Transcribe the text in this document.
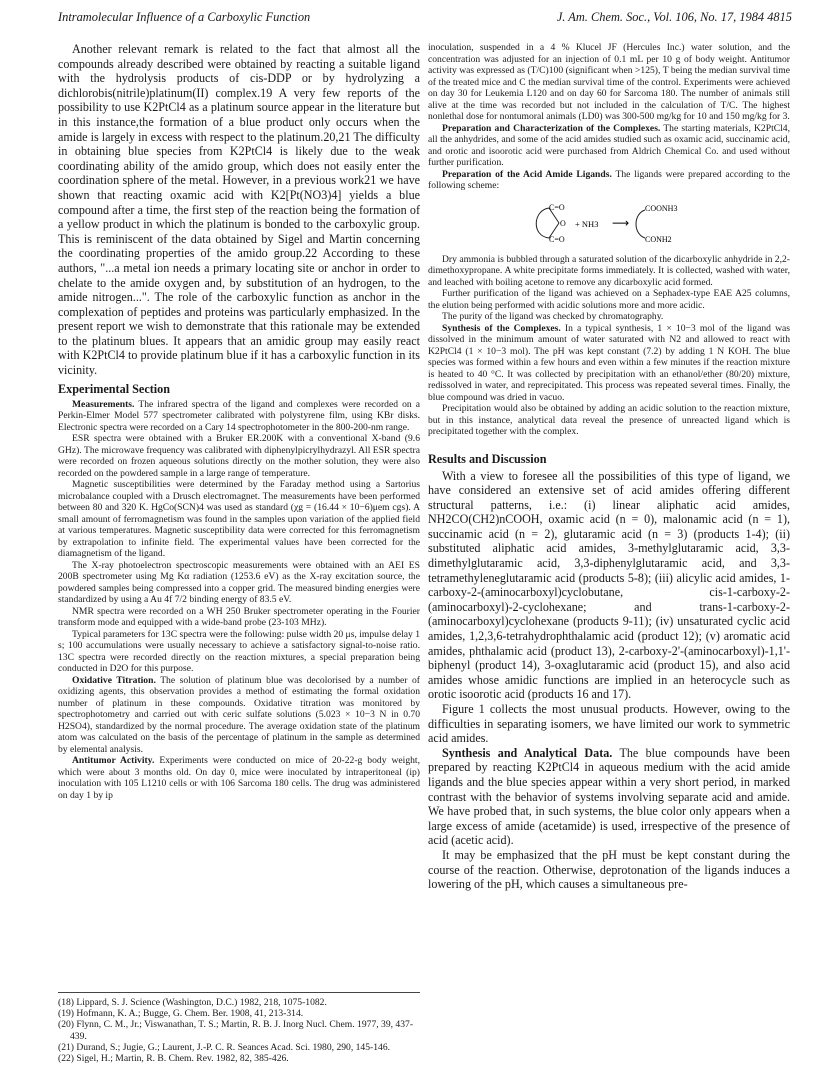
Intramolecular Influence of a Carboxylic Function	J. Am. Chem. Soc., Vol. 106, No. 17, 1984 4815

Another relevant remark is related to the fact that almost all the compounds already described were obtained by reacting a suitable ligand with the hydrolysis products of cis-DDP or by hydrolyzing a dichlorobis(nitrile)platinum(II) complex.19 A very few reports of the possibility to use K2PtCl4 as a platinum source appear in the literature but in this instance,the formation of a blue product only occurs when the amide is largely in excess with respect to the platinum.20,21 The difficulty in obtaining blue species from K2PtCl4 is likely due to the weak coordinating ability of the amido group, which does not easily enter the coordination sphere of the metal. However, in a previous work21 we have shown that reacting oxamic acid with K2[Pt(NO3)4] yields a blue compound after a time, the first step of the reaction being the formation of a yellow product in which the platinum is bonded to the carboxylic group. This is reminiscent of the data obtained by Sigel and Martin concerning the coordinating properties of the amido group.22 According to these authors, "...a metal ion needs a primary locating site or anchor in order to chelate to the amide oxygen and, by substitution of an hydrogen, to the amide nitrogen...". The role of the carboxylic function as anchor in the complexation of peptides and proteins was particularly emphasized. In the present report we wish to demonstrate that this rationale may be extended to the platinum blues. It appears that an amidic group may easily react with K2PtCl4 to provide platinum blue if it has a carboxylic function in its vicinity.

Experimental Section

Measurements. The infrared spectra of the ligand and complexes were recorded on a Perkin-Elmer Model 577 spectrometer calibrated with polystyrene film, using KBr disks. Electronic spectra were recorded on a Cary 14 spectrophotometer in the 800-200-nm range.

ESR spectra were obtained with a Bruker ER.200K with a conventional X-band (9.6 GHz). The microwave frequency was calibrated with diphenylpicrylhydrazyl. All ESR spectra were recorded on frozen aqueous solutions directly on the mother solution, they were also recorded on the powdered sample in a large range of temperature.

Magnetic susceptibilities were determined by the Faraday method using a Sartorius microbalance coupled with a Drusch electromagnet. The measurements have been performed between 80 and 320 K. HgCo(SCN)4 was used as standard (χg = (16.44 × 10−6)μem cgs). A small amount of ferromagnetism was found in the samples upon variation of the applied field at various temperatures. Magnetic susceptibility data were corrected for this ferromagnetism by extrapolation to infinite field. The experimental values have been corrected for the diamagnetism of the ligand.

The X-ray photoelectron spectroscopic measurements were obtained with an AEI ES 200B spectrometer using Mg Kα radiation (1253.6 eV) as the X-ray excitation source, the powdered samples being compressed into a copper grid. The measured binding energies were standardized by using a Au 4f 7/2 binding energy of 83.5 eV.

NMR spectra were recorded on a WH 250 Bruker spectrometer operating in the Fourier transform mode and equipped with a wide-band probe (23-103 MHz).

Typical parameters for 13C spectra were the following: pulse width 20 μs, impulse delay 1 s; 100 accumulations were usually necessary to achieve a satisfactory signal-to-noise ratio. 13C spectra were recorded directly on the reaction mixtures, a special preparation being conducted in D2O for this purpose.

Oxidative Titration. The solution of platinum blue was decolorised by a number of oxidizing agents, this observation provides a method of estimating the formal oxidation number of platinum in these compounds. Oxidative titration was monitored by spectrophotometry and carried out with ceric sulfate solutions (5.023 × 10−3 N in 0.70 H2SO4), standardized by the normal procedure. The average oxidation state of the platinum atom was calculated on the basis of the percentage of platinum in the sample as determined by elemental analysis.

Antitumor Activity. Experiments were conducted on mice of 20-22-g body weight, which were about 3 months old. On day 0, mice were inoculated by intraperitoneal (ip) inoculation with 105 L1210 cells or with 106 Sarcoma 180 cells. The drug was administered on day 1 by ip

(18) Lippard, S. J. Science (Washington, D.C.) 1982, 218, 1075-1082.
(19) Hofmann, K. A.; Bugge, G. Chem. Ber. 1908, 41, 213-314.
(20) Flynn, C. M., Jr.; Viswanathan, T. S.; Martin, R. B. J. Inorg Nucl. Chem. 1977, 39, 437-439.
(21) Durand, S.; Jugie, G.; Laurent, J.-P. C. R. Seances Acad. Sci. 1980, 290, 145-146.
(22) Sigel, H.; Martin, R. B. Chem. Rev. 1982, 82, 385-426.

inoculation, suspended in a 4 % Klucel JF (Hercules Inc.) water solution, and the concentration was adjusted for an injection of 0.1 mL per 10 g of body weight. Antitumor activity was expressed as (T/C)100 (significant when >125), T being the median survival time of the treated mice and C the median survival time of the control. Experiments were achieved on day 30 for Leukemia L120 and on day 60 for Sarcoma 180. The number of animals still alive at the time was recorded but not included in the calculation of T/C. The highest nonlethal dose for nontumoral animals (LD0) was 300-500 mg/kg for 10 and 150 mg/kg for 3.

Preparation and Characterization of the Complexes. The starting materials, K2PtCl4, all the anhydrides, and some of the acid amides studied such as oxamic acid, succinamic acid, and orotic and isoorotic acid were purchased from Aldrich Chemical Co. and used without further purification.

Preparation of the Acid Amide Ligands. The ligands were prepared according to the following scheme:

C=O
O
C=O
+ NH3 ⟶
COONH3
CONH2

Dry ammonia is bubbled through a saturated solution of the dicarboxylic anhydride in 2,2-dimethoxypropane. A white precipitate forms immediately. It is collected, washed with water, and leached with boiling acetone to remove any dicarboxylic acid formed.

Further purification of the ligand was achieved on a Sephadex-type EAE A25 columns, the elution being performed with acidic solutions more and more acidic.

The purity of the ligand was checked by chromatography.

Synthesis of the Complexes. In a typical synthesis, 1 × 10−3 mol of the ligand was dissolved in the minimum amount of water saturated with N2 and allowed to react with K2PtCl4 (1 × 10−3 mol). The pH was kept constant (7.2) by adding 1 N KOH. The blue species was formed within a few hours and even within a few minutes if the reaction mixture is heated to 40 °C. It was collected by precipitation with an ethanol/ether (80/20) mixture, redissolved in water, and reprecipitated. This process was repeated several times. Finally, the blue compound was dried in vacuo.

Precipitation would also be obtained by adding an acidic solution to the reaction mixture, but in this instance, analytical data reveal the presence of unreacted ligand which is precipitated together with the complex.

Results and Discussion

With a view to foresee all the possibilities of this type of ligand, we have considered an extensive set of acid amides offering different structural patterns, i.e.: (i) linear aliphatic acid amides, NH2CO(CH2)nCOOH, oxamic acid (n = 0), malonamic acid (n = 1), succinamic acid (n = 2), glutaramic acid (n = 3) (products 1-4); (ii) substituted aliphatic acid amides, 3-methylglutaramic acid, 3,3-dimethylglutaramic acid, 3,3-diphenylglutaramic acid, and 3,3-tetramethyleneglutaramic acid (products 5-8); (iii) alicylic acid amides, 1-carboxy-2-(aminocarboxyl)cyclobutane, cis-1-carboxy-2-(aminocarboxyl)-2-cyclohexane; and trans-1-carboxy-2-(aminocarboxyl)cyclohexane (products 9-11); (iv) unsaturated cyclic acid amides, 1,2,3,6-tetrahydrophthalamic acid (product 12); (v) aromatic acid amides, phthalamic acid (product 13), 2-carboxy-2'-(aminocarboxyl)-1,1'-biphenyl (product 14), 3-oxaglutaramic acid (product 15), and also acid amides whose amidic functions are implied in an heterocycle such as orotic isoorotic acid (products 16 and 17).

Figure 1 collects the most unusual products. However, owing to the difficulties in separating isomers, we have limited our work to symmetric acid amides.

Synthesis and Analytical Data. The blue compounds have been prepared by reacting K2PtCl4 in aqueous medium with the acid amide ligands and the blue species appear within a very short period, in marked contrast with the behavior of systems involving separate acid and amide. We have probed that, in such systems, the blue color only appears when a large excess of amide (acetamide) is used, irrespective of the presence of acid (acetic acid).

It may be emphasized that the pH must be kept constant during the course of the reaction. Otherwise, deprotonation of the ligands induces a lowering of the pH, which causes a simultaneous pre-
